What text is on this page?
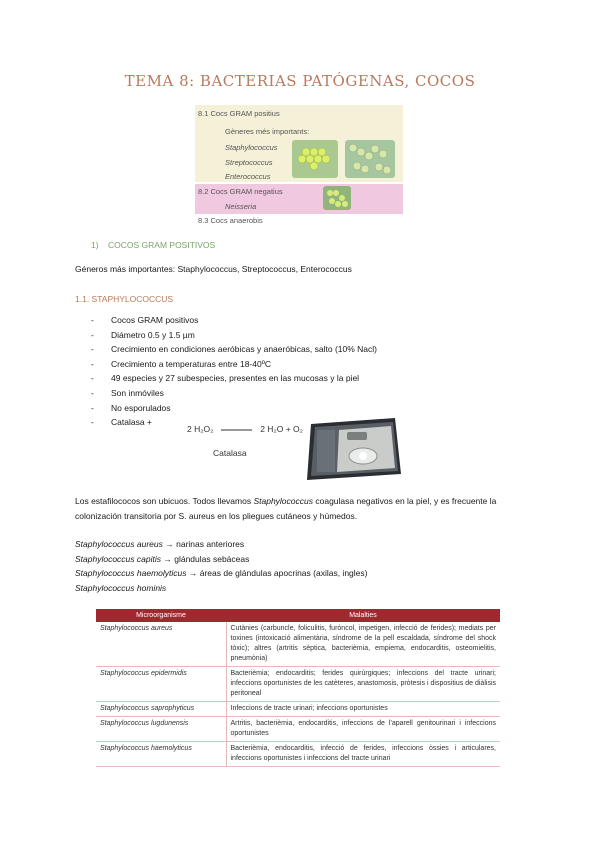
TEMA 8: BACTERIAS PATÓGENAS, COCOS
8.1 Cocs GRAM positius
Gèneres més importants:
Staphylococcus
Streptococcus
Enterococcus
8.2 Cocs GRAM negatius
Neisseria
8.3 Cocs anaerobis
1)    COCOS GRAM POSITIVOS
Géneros más importantes: Staphylococcus, Streptococcus, Enterococcus
1.1. STAPHYLOCOCCUS
- Cocos GRAM positivos
- Diámetro 0.5 y 1.5 µm
- Crecimiento en condiciones aeróbicas y anaeróbicas, salto (10% Nacl)
- Crecimiento a temperaturas entre 18-40ºC
- 49 especies y 27 subespecies, presentes en las mucosas y la piel
- Son inmóviles
- No esporulados
- Catalasa +
2 H₂O₂	2 H₂O + O₂
Catalasa
Los estafilococos son ubicuos. Todos llevamos Staphylococcus coagulasa negativos en la piel, y es frecuente la colonización transitoria por S. aureus en los pliegues cutáneos y húmedos.
Staphylococcus aureus → narinas anteriores
Staphylococcus capitis → glándulas sebáceas
Staphylococcus haemolyticus → áreas de glándulas apocrinas (axilas, ingles)
Staphylococcus hominis
Microorganisme	Malalties
Staphylococcus aureus	Cutànies (carbuncle, foliculitis, furóncol, impetigen, infecció de ferides); mediats per toxines (intoxicació alimentària, síndrome de la pell escaldada, síndrome del shock tòxic); altres (artritis sèptica, bacterièmia, empiema, endocarditis, osteomielitis, pneumònia)
Staphylococcus epidermidis	Bacterièmia; endocarditis; ferides quirúrgiques; infeccions del tracte urinari; infeccions oportunistes de les catèteres, anastomosis, pròtesis i dispositius de diàlisis peritoneal
Staphylococcus saprophyticus	Infeccions de tracte urinari; infeccions oportunistes
Staphylococcus lugdunensis	Artritis, bacterièmia, endocarditis, infeccions de l'aparell genitourinari i infeccions oportunistes
Staphylococcus haemolyticus	Bacterièmia, endocarditis, infecció de ferides, infeccions òssies i articulares, infeccions oportunistes i infeccions del tracte urinari
